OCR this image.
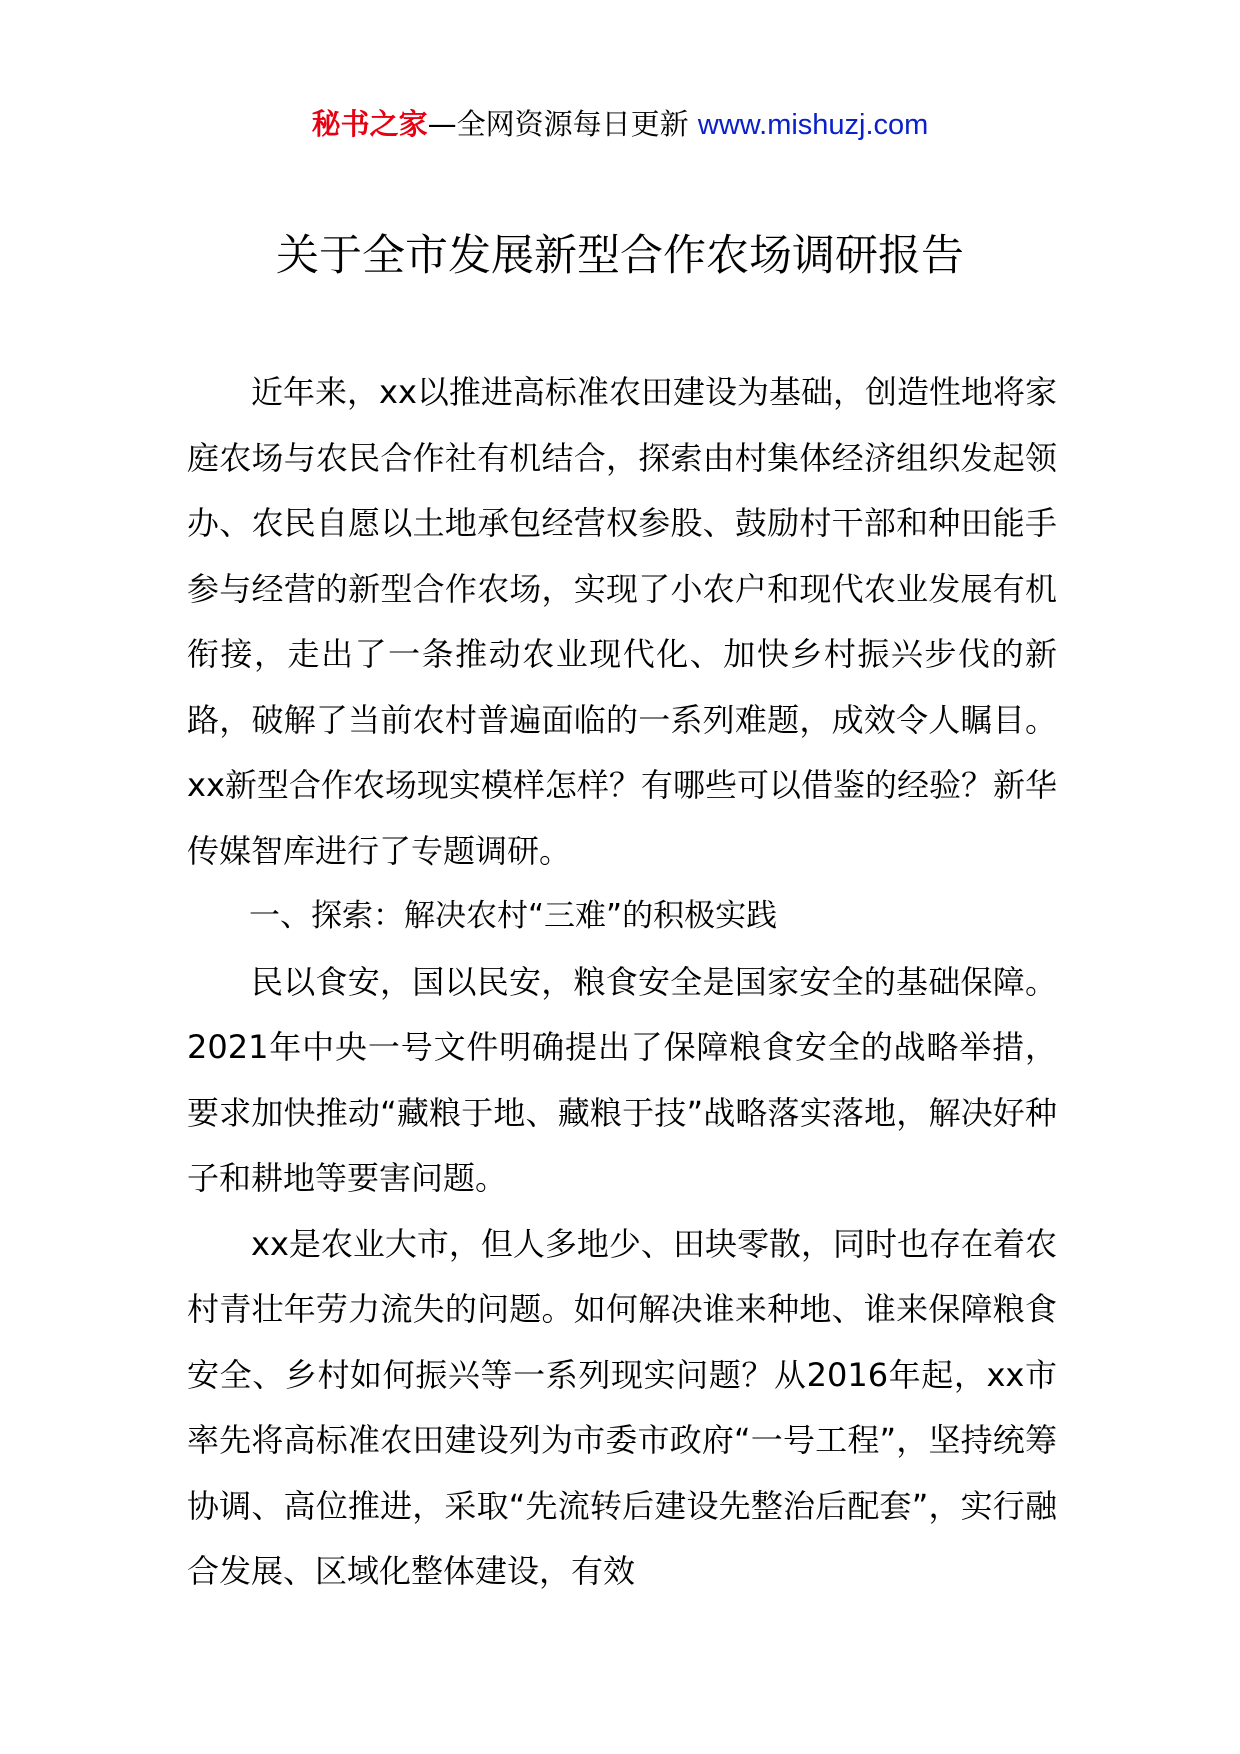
秘书之家—全网资源每日更新 www.mishuzj.com
关于全市发展新型合作农场调研报告

近年来，xx以推进高标准农田建设为基础，创造性地将家庭农场与农民合作社有机结合，探索由村集体经济组织发起领办、农民自愿以土地承包经营权参股、鼓励村干部和种田能手参与经营的新型合作农场，实现了小农户和现代农业发展有机衔接，走出了一条推动农业现代化、加快乡村振兴步伐的新路，破解了当前农村普遍面临的一系列难题，成效令人瞩目。xx新型合作农场现实模样怎样？有哪些可以借鉴的经验？新华传媒智库进行了专题调研。

一、探索：解决农村“三难”的积极实践

民以食安，国以民安，粮食安全是国家安全的基础保障。2021年中央一号文件明确提出了保障粮食安全的战略举措，要求加快推动“藏粮于地、藏粮于技”战略落实落地，解决好种子和耕地等要害问题。

xx是农业大市，但人多地少、田块零散，同时也存在着农村青壮年劳力流失的问题。如何解决谁来种地、谁来保障粮食安全、乡村如何振兴等一系列现实问题？从2016年起，xx市率先将高标准农田建设列为市委市政府“一号工程”，坚持统筹协调、高位推进，采取“先流转后建设先整治后配套”，实行融合发展、区域化整体建设，有效
